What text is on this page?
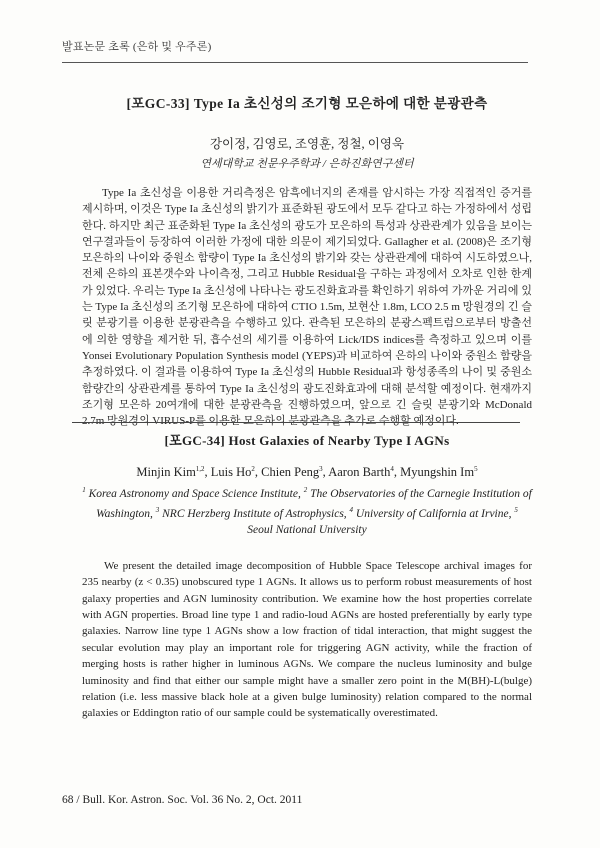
발표논문 초록 (은하 및 우주론)
[포GC-33] Type Ia 초신성의 조기형 모은하에 대한 분광관측
강이정, 김영로, 조영훈, 정철, 이영욱
연세대학교 천문우주학과 / 은하진화연구센터

Type Ia 초신성을 이용한 거리측정은 암흑에너지의 존재를 암시하는 가장 직접적인 증거를 제시하며, 이것은 Type Ia 초신성의 밝기가 표준화된 광도에서 모두 같다고 하는 가정하에서 성립한다. 하지만 최근 표준화된 Type Ia 초신성의 광도가 모은하의 특성과 상관관계가 있음을 보이는 연구결과들이 등장하여 이러한 가정에 대한 의문이 제기되었다. Gallagher et al. (2008)은 조기형 모은하의 나이와 중원소 함량이 Type Ia 초신성의 밝기와 갖는 상관관계에 대하여 시도하였으나, 전체 은하의 표본갯수와 나이측정, 그리고 Hubble Residual을 구하는 과정에서 오차로 인한 한계가 있었다. 우리는 Type Ia 초신성에 나타나는 광도진화효과를 확인하기 위하여 가까운 거리에 있는 Type Ia 초신성의 조기형 모은하에 대하여 CTIO 1.5m, 보현산 1.8m, LCO 2.5 m 망원경의 긴 슬릿 분광기를 이용한 분광관측을 수행하고 있다. 관측된 모은하의 분광스펙트럼으로부터 방출선에 의한 영향을 제거한 뒤, 흡수선의 세기를 이용하여 Lick/IDS indices를 측정하고 있으며 이를Yonsei Evolutionary Population Synthesis model (YEPS)과 비교하여 은하의 나이와 중원소 함량을 추정하였다. 이 결과를 이용하여 Type Ia 초신성의 Hubble Residual과 항성종족의 나이 및 중원소 함량간의 상관관계를 통하여 Type Ia 초신성의 광도진화효과에 대해 분석할 예정이다. 현재까지 조기형 모은하 20여개에 대한 분광관측을 진행하였으며, 앞으로 긴 슬릿 분광기와 McDonald 2.7m 망원경의 VIRUS-P를 이용한 모은하의 분광관측을 추가로 수행할 예정이다.

[포GC-34] Host Galaxies of Nearby Type I AGNs
Minjin Kim$^{1,2}$, Luis Ho$^2$, Chien Peng$^3$, Aaron Barth$^4$, Myungshin Im$^5$
$^1$ Korea Astronomy and Space Science Institute, $^2$ The Observatories of the Carnegie Institution of Washington, $^3$ NRC Herzberg Institute of Astrophysics, $^4$ University of California at Irvine, $^5$ Seoul National University

We present the detailed image decomposition of Hubble Space Telescope archival images for 235 nearby (z < 0.35) unobscured type 1 AGNs. It allows us to perform robust measurements of host galaxy properties and AGN luminosity contribution. We examine how the host properties correlate with AGN properties. Broad line type 1 and radio-loud AGNs are hosted preferentially by early type galaxies. Narrow line type 1 AGNs show a low fraction of tidal interaction, that might suggest the secular evolution may play an important role for triggering AGN activity, while the fraction of merging hosts is rather higher in luminous AGNs. We compare the nucleus luminosity and bulge luminosity and find that either our sample might have a smaller zero point in the M(BH)-L(bulge) relation (i.e. less massive black hole at a given bulge luminosity) relation compared to the normal galaxies or Eddington ratio of our sample could be systematically overestimated.

68 / Bull. Kor. Astron. Soc. Vol. 36 No. 2, Oct. 2011
